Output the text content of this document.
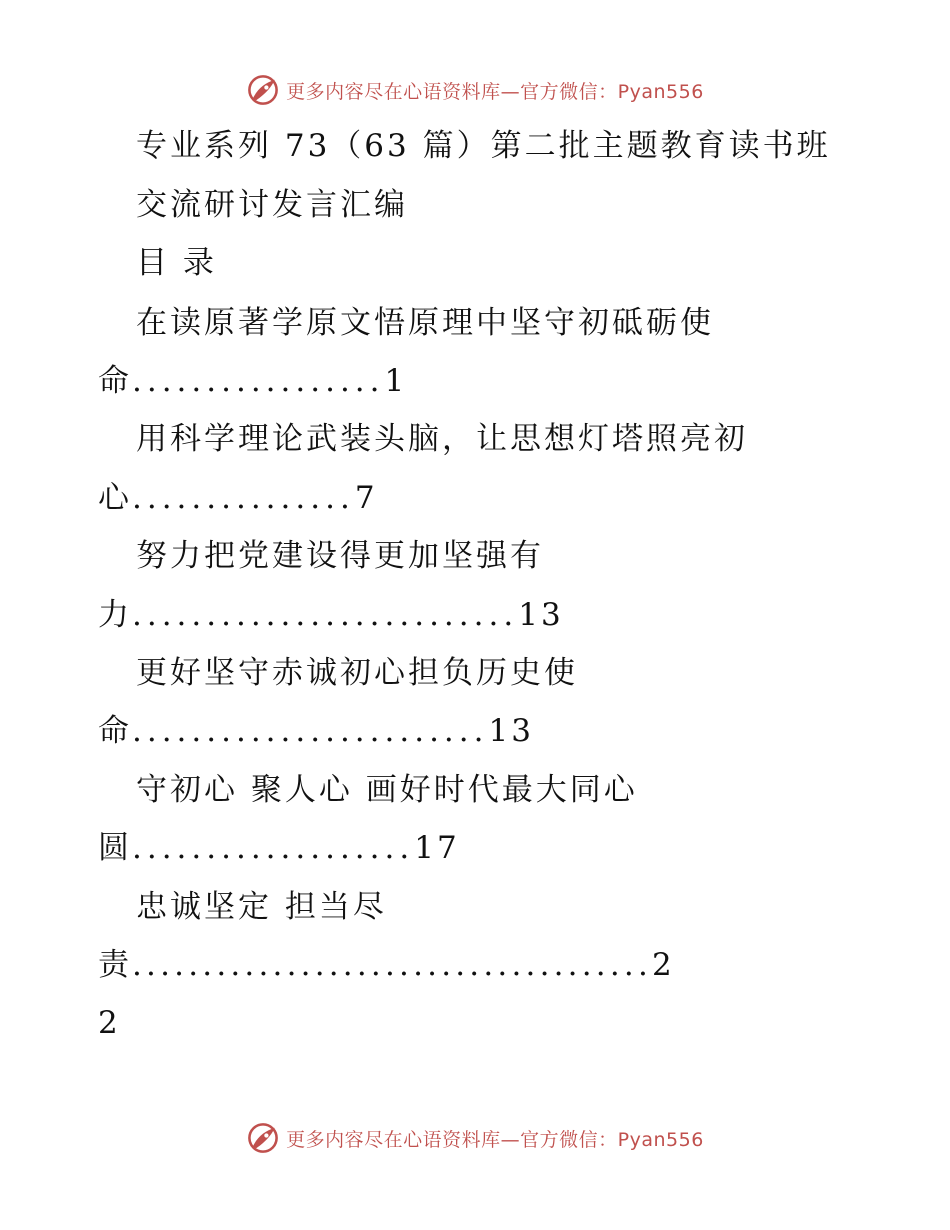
更多内容尽在心语资料库—官方微信：Pyan556
专业系列 73（63 篇）第二批主题教育读书班
交流研讨发言汇编
目 录
在读原著学原文悟原理中坚守初砥砺使
命.................1
用科学理论武装头脑，让思想灯塔照亮初
心...............7
努力把党建设得更加坚强有
力..........................13
更好坚守赤诚初心担负历史使
命........................13
守初心 聚人心 画好时代最大同心
圆...................17
忠诚坚定 担当尽
责.....................................2
2
更多内容尽在心语资料库—官方微信：Pyan556
